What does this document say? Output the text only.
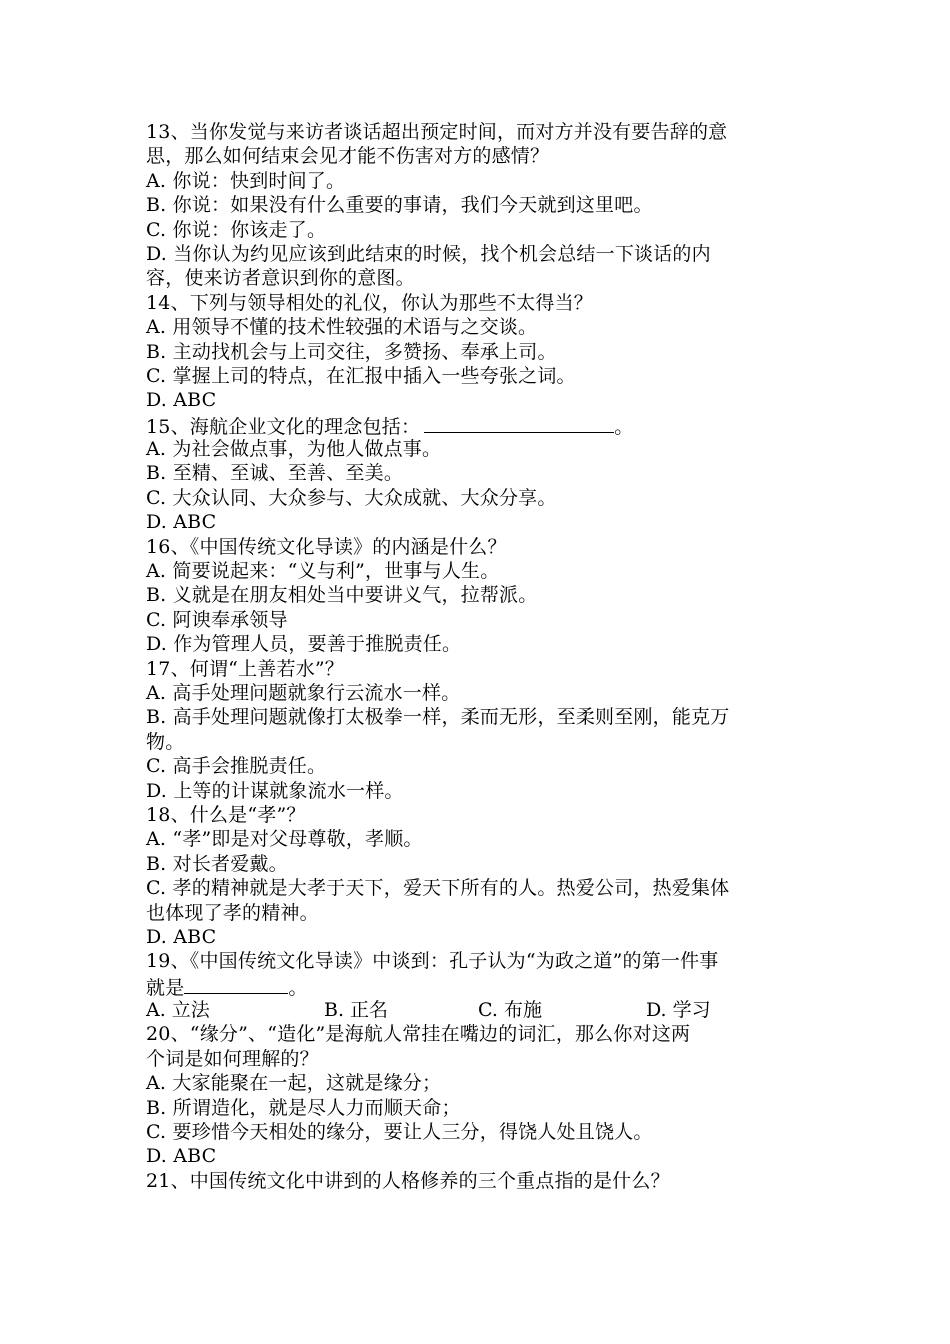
13、当你发觉与来访者谈话超出预定时间，而对方并没有要告辞的意
思，那么如何结束会见才能不伤害对方的感情？
A. 你说：快到时间了。
B. 你说：如果没有什么重要的事请，我们今天就到这里吧。
C. 你说：你该走了。
D. 当你认为约见应该到此结束的时候，找个机会总结一下谈话的内
容，使来访者意识到你的意图。
14、下列与领导相处的礼仪，你认为那些不太得当？
A. 用领导不懂的技术性较强的术语与之交谈。
B. 主动找机会与上司交往，多赞扬、奉承上司。
C. 掌握上司的特点，在汇报中插入一些夸张之词。
D. ABC
15、海航企业文化的理念包括：	。
A. 为社会做点事，为他人做点事。
B. 至精、至诚、至善、至美。
C. 大众认同、大众参与、大众成就、大众分享。
D. ABC
16、《中国传统文化导读》的内涵是什么？
A. 简要说起来：“义与利”，世事与人生。
B. 义就是在朋友相处当中要讲义气，拉帮派。
C. 阿谀奉承领导
D. 作为管理人员，要善于推脱责任。
17、何谓“上善若水”？
A. 高手处理问题就象行云流水一样。
B. 高手处理问题就像打太极拳一样，柔而无形，至柔则至刚，能克万
物。
C. 高手会推脱责任。
D. 上等的计谋就象流水一样。
18、什么是“孝”？
A. “孝”即是对父母尊敬，孝顺。
B. 对长者爱戴。
C. 孝的精神就是大孝于天下，爱天下所有的人。热爱公司，热爱集体
也体现了孝的精神。
D. ABC
19、《中国传统文化导读》中谈到：孔子认为“为政之道”的第一件事
就是	。
A. 立法	B. 正名	C. 布施	D. 学习
20、“缘分”、“造化”是海航人常挂在嘴边的词汇，那么你对这两
个词是如何理解的？
A. 大家能聚在一起，这就是缘分；
B. 所谓造化，就是尽人力而顺天命；
C. 要珍惜今天相处的缘分，要让人三分，得饶人处且饶人。
D. ABC
21、中国传统文化中讲到的人格修养的三个重点指的是什么？
